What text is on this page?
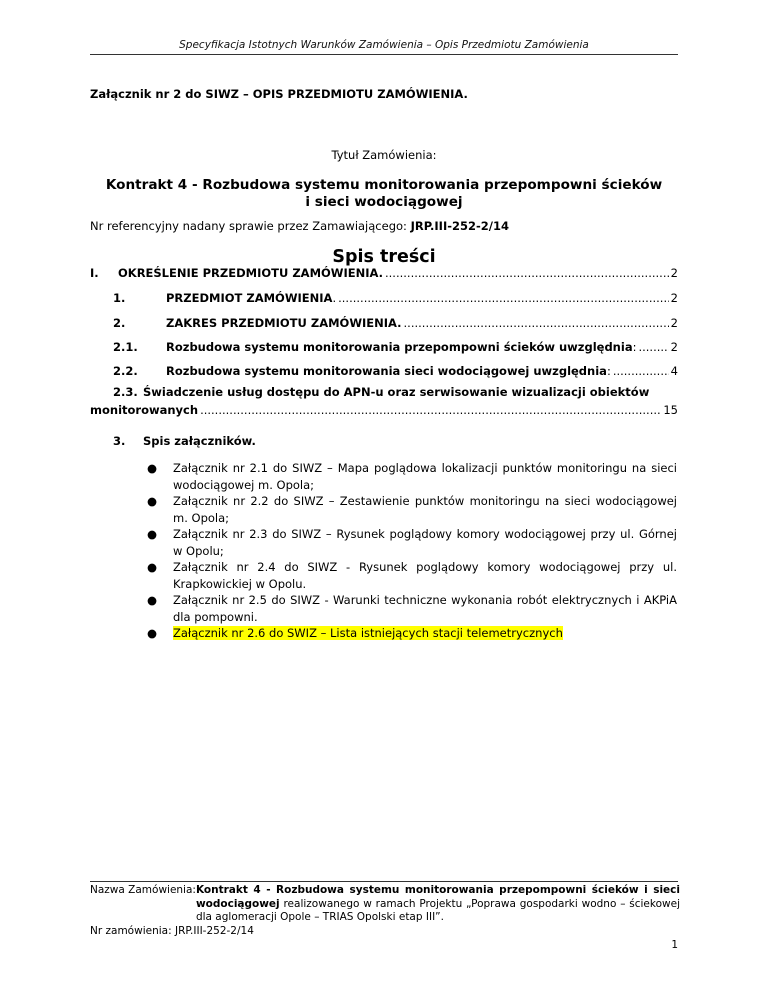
Specyfikacja Istotnych Warunków Zamówienia – Opis Przedmiotu Zamówienia
Załącznik nr 2 do SIWZ – OPIS PRZEDMIOTU ZAMÓWIENIA.
Tytuł Zamówienia:
Kontrakt 4 - Rozbudowa systemu monitorowania przepompowni ścieków
i sieci wodociągowej
Nr referencyjny nadany sprawie przez Zamawiającego: JRP.III-252-2/14
Spis treści
I.	OKREŚLENIE PRZEDMIOTU ZAMÓWIENIA. .....	2
1.	PRZEDMIOT ZAMÓWIENIA. .....	2
2.	ZAKRES PRZEDMIOTU ZAMÓWIENIA. .....	2
2.1.	Rozbudowa systemu monitorowania przepompowni ścieków uwzględnia: .....	2
2.2.	Rozbudowa systemu monitorowania sieci wodociągowej uwzględnia: .....	4
2.3. Świadczenie usług dostępu do APN-u oraz serwisowanie wizualizacji obiektów
monitorowanych .....	15
3. Spis załączników.
● Załącznik nr 2.1 do SIWZ – Mapa poglądowa lokalizacji punktów monitoringu na sieci wodociągowej m. Opola;
● Załącznik nr 2.2 do SIWZ – Zestawienie punktów monitoringu na sieci wodociągowej m. Opola;
● Załącznik nr 2.3 do SIWZ – Rysunek poglądowy komory wodociągowej przy ul. Górnej w Opolu;
● Załącznik nr 2.4 do SIWZ - Rysunek poglądowy komory wodociągowej przy ul. Krapkowickiej w Opolu.
● Załącznik nr 2.5 do SIWZ - Warunki techniczne wykonania robót elektrycznych i AKPiA dla pompowni.
● Załącznik nr 2.6 do SWIZ – Lista istniejących stacji telemetrycznych
Nazwa Zamówienia: Kontrakt 4 - Rozbudowa systemu monitorowania przepompowni ścieków i sieci wodociągowej realizowanego w ramach Projektu „Poprawa gospodarki wodno – ściekowej dla aglomeracji Opole – TRIAS Opolski etap III”.
Nr zamówienia: JRP.III-252-2/14
1
